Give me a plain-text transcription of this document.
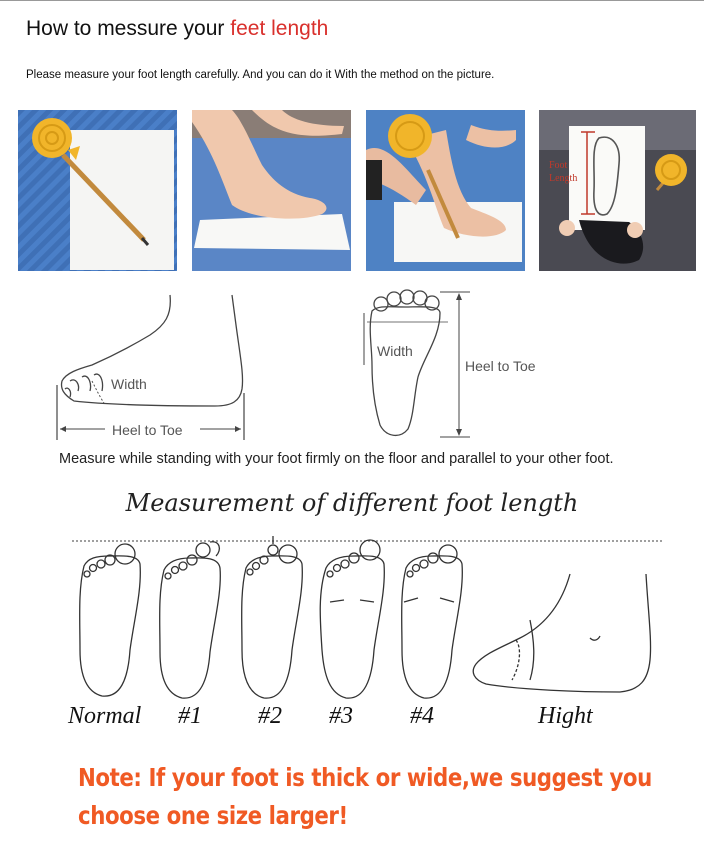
How to messure your feet length
Please measure your foot length carefully. And you can do it With the method on the picture.
Foot
Length
Width
Heel to Toe
Width
Heel to Toe
Measure while standing with your foot firmly on the floor and parallel to your other foot.
Measurement of different foot length
Normal #1 #2 #3 #4	Hight
Note: If your foot is thick or wide,we suggest you
choose one size larger!
